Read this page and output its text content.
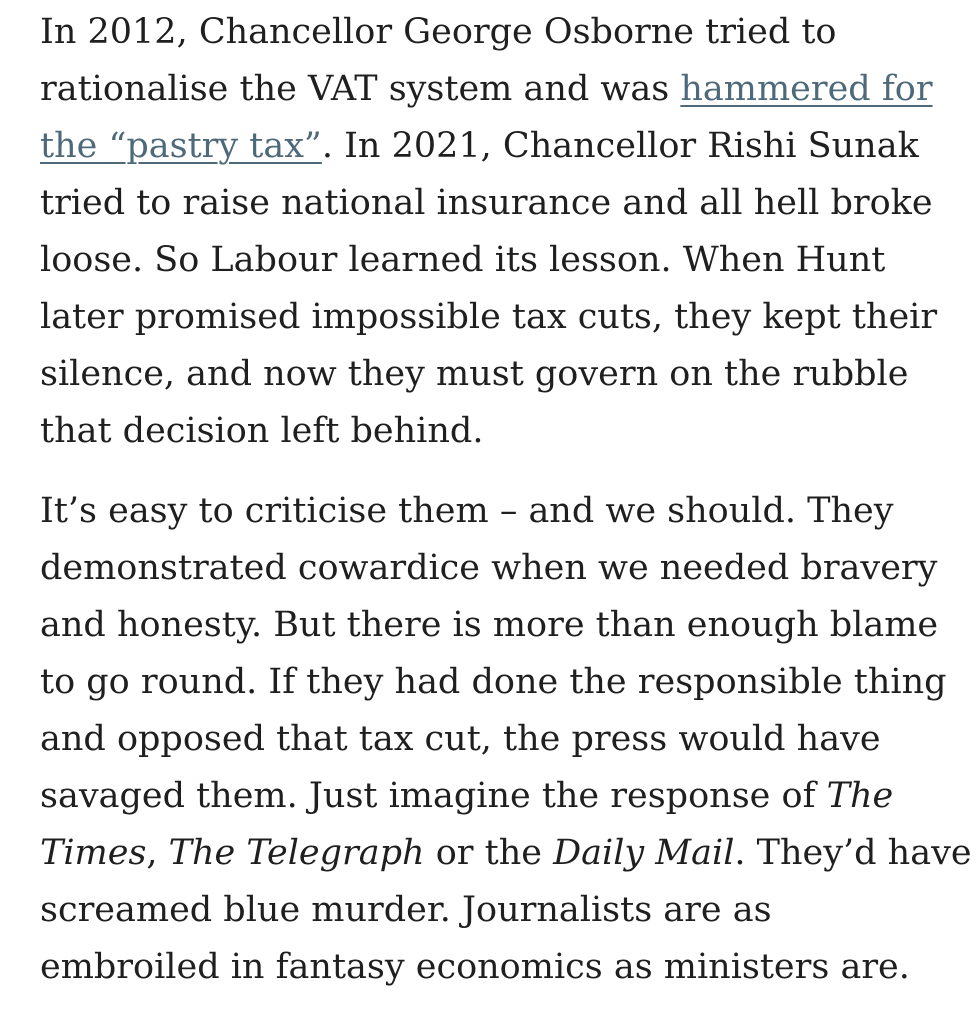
In 2012, Chancellor George Osborne tried to
rationalise the VAT system and was hammered for
the “pastry tax”. In 2021, Chancellor Rishi Sunak
tried to raise national insurance and all hell broke
loose. So Labour learned its lesson. When Hunt
later promised impossible tax cuts, they kept their
silence, and now they must govern on the rubble
that decision left behind.

It’s easy to criticise them – and we should. They
demonstrated cowardice when we needed bravery
and honesty. But there is more than enough blame
to go round. If they had done the responsible thing
and opposed that tax cut, the press would have
savaged them. Just imagine the response of The
Times, The Telegraph or the Daily Mail. They’d have
screamed blue murder. Journalists are as
embroiled in fantasy economics as ministers are.
